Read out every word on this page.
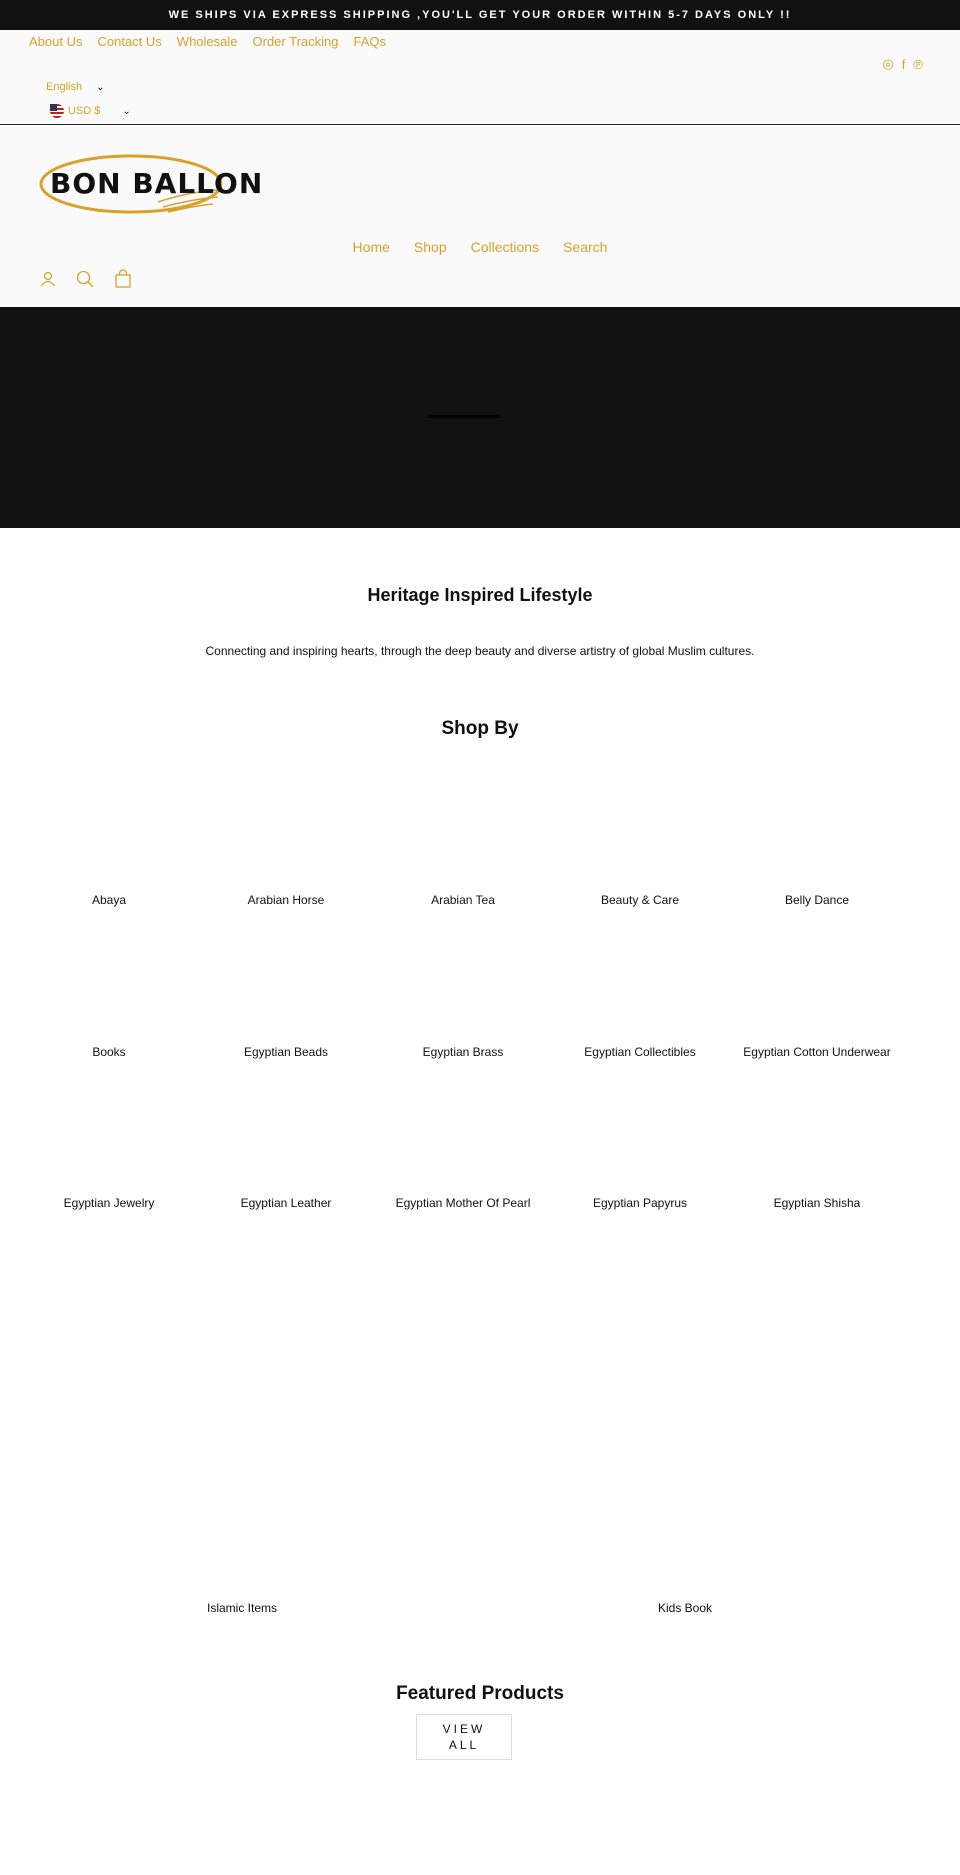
WE SHIPS VIA EXPRESS SHIPPING ,YOU'LL GET YOUR ORDER WITHIN 5-7 DAYS ONLY !!
About Us Contact Us Wholesale Order Tracking FAQs
◎ f ℗
English ⌄
USD $ ⌄
BON BALLON
Home Shop Collections Search
Heritage Inspired Lifestyle

Connecting and inspiring hearts, through the deep beauty and diverse artistry of global Muslim cultures.

Shop By
Abaya	Arabian Horse	Arabian Tea	Beauty & Care	Belly Dance
Books	Egyptian Beads	Egyptian Brass	Egyptian Collectibles	Egyptian Cotton Underwear
Egyptian Jewelry	Egyptian Leather	Egyptian Mother Of Pearl	Egyptian Papyrus	Egyptian Shisha
Islamic Items	Kids Book
Featured Products
VIEW ALL
